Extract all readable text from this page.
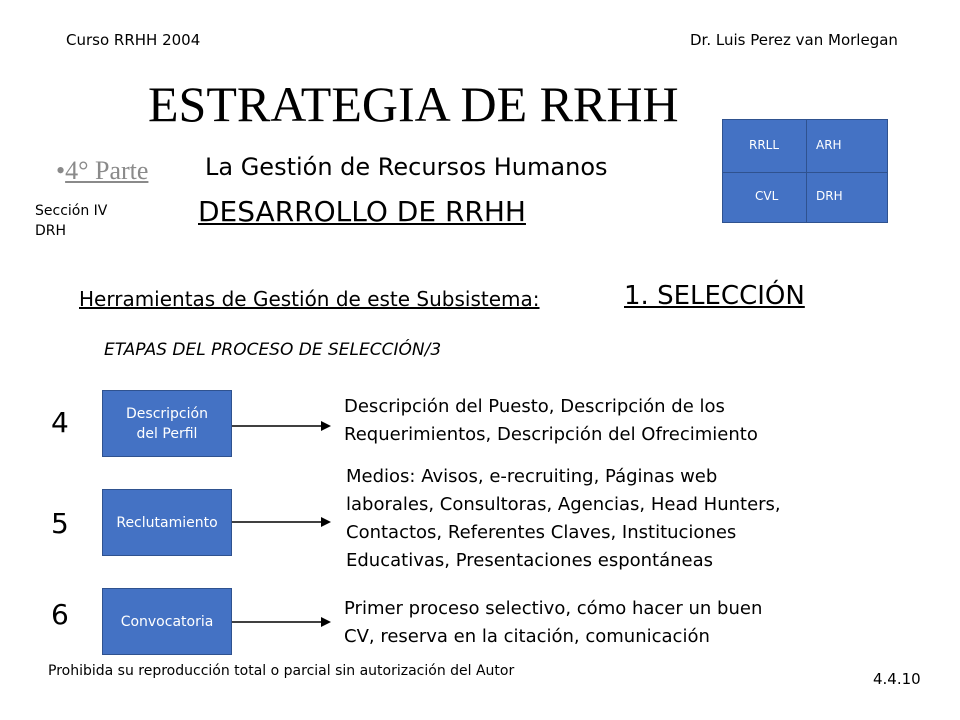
Curso RRHH 2004	Dr. Luis Perez van Morlegan
ESTRATEGIA DE RRHH
•4° Parte La Gestión de Recursos Humanos
Sección IV
DRH
DESARROLLO DE RRHH
RRLL	ARH
CVL	DRH
Herramientas de Gestión de este Subsistema:	1. SELECCIÓN
ETAPAS DEL PROCESO DE SELECCIÓN/3
4	Descripción
del Perfil
Descripción del Puesto, Descripción de los
Requerimientos, Descripción del Ofrecimiento
5	Reclutamiento
Medios: Avisos, e-recruiting, Páginas web
laborales, Consultoras, Agencias, Head Hunters,
Contactos, Referentes Claves, Instituciones
Educativas, Presentaciones espontáneas
6	Convocatoria
Primer proceso selectivo, cómo hacer un buen
CV, reserva en la citación, comunicación
Prohibida su reproducción total o parcial sin autorización del Autor	4.4.10
